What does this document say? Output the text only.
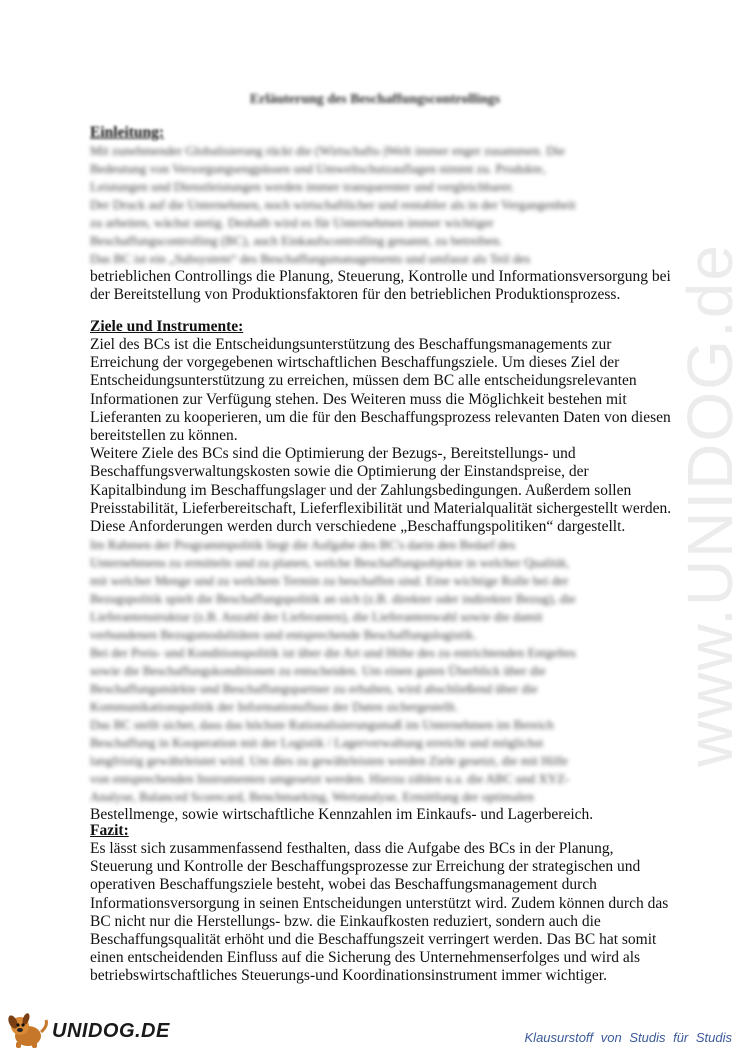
Erläuterung des Beschaffungscontrollings

Einleitung:

Mit zunehmender Globalisierung rückt die (Wirtschafts-)Welt immer enger zusammen. Die

Bedeutung von Versorgungsengpässen und Umweltschutzauflagen nimmt zu. Produkte,

Leistungen und Dienstleistungen werden immer transparenter und vergleichbarer.

Der Druck auf die Unternehmen, noch wirtschaftlicher und rentabler als in der Vergangenheit

zu arbeiten, wächst stetig. Deshalb wird es für Unternehmen immer wichtiger

Beschaffungscontrolling (BC), auch Einkaufscontrolling genannt, zu betreiben.

Das BC ist ein „Subsystem“ des Beschaffungsmanagements und umfasst als Teil des

betrieblichen Controllings die Planung, Steuerung, Kontrolle und Informationsversorgung bei

der Bereitstellung von Produktionsfaktoren für den betrieblichen Produktionsprozess.

Ziele und Instrumente:

Ziel des BCs ist die Entscheidungsunterstützung des Beschaffungsmanagements zur

Erreichung der vorgegebenen wirtschaftlichen Beschaffungsziele. Um dieses Ziel der

Entscheidungsunterstützung zu erreichen, müssen dem BC alle entscheidungsrelevanten

Informationen zur Verfügung stehen. Des Weiteren muss die Möglichkeit bestehen mit

Lieferanten zu kooperieren, um die für den Beschaffungsprozess relevanten Daten von diesen

bereitstellen zu können.

Weitere Ziele des BCs sind die Optimierung der Bezugs-, Bereitstellungs- und

Beschaffungsverwaltungskosten sowie die Optimierung der Einstandspreise, der

Kapitalbindung im Beschaffungslager und der Zahlungsbedingungen. Außerdem sollen

Preisstabilität, Lieferbereitschaft, Lieferflexibilität und Materialqualität sichergestellt werden.

Diese Anforderungen werden durch verschiedene „Beschaffungspolitiken“ dargestellt.

Im Rahmen der Programmpolitik liegt die Aufgabe des BC's darin den Bedarf des

Unternehmens zu ermitteln und zu planen, welche Beschaffungsobjekte in welcher Qualität,

mit welcher Menge und zu welchem Termin zu beschaffen sind. Eine wichtige Rolle bei der

Bezugspolitik spielt die Beschaffungspolitik an sich (z.B. direkter oder indirekter Bezug), die

Lieferantenstruktur (z.B. Anzahl der Lieferanten), die Lieferantenwahl sowie die damit

verbundenen Bezugsmodalitäten und entsprechende Beschaffungslogistik.

Bei der Preis- und Konditionspolitik ist über die Art und Höhe des zu entrichtenden Entgeltes

sowie die Beschaffungskonditionen zu entscheiden. Um einen guten Überblick über die

Beschaffungsmärkte und Beschaffungspartner zu erhalten, wird abschließend über die

Kommunikationspolitik der Informationsfluss der Daten sichergestellt.

Das BC stellt sicher, dass das höchste Rationalisierungsmaß im Unternehmen im Bereich

Beschaffung in Kooperation mit der Logistik / Lagerverwaltung erreicht und möglichst

langfristig gewährleistet wird. Um dies zu gewährleisten werden Ziele gesetzt, die mit Hilfe

von entsprechenden Instrumenten umgesetzt werden. Hierzu zählen u.a. die ABC und XYZ-

Analyse, Balanced Scorecard, Benchmarking, Wertanalyse, Ermittlung der optimalen

Bestellmenge, sowie wirtschaftliche Kennzahlen im Einkaufs- und Lagerbereich.

Fazit:

Es lässt sich zusammenfassend festhalten, dass die Aufgabe des BCs in der Planung,

Steuerung und Kontrolle der Beschaffungsprozesse zur Erreichung der strategischen und

operativen Beschaffungsziele besteht, wobei das Beschaffungsmanagement durch

Informationsversorgung in seinen Entscheidungen unterstützt wird. Zudem können durch das

BC nicht nur die Herstellungs- bzw. die Einkaufkosten reduziert, sondern auch die

Beschaffungsqualität erhöht und die Beschaffungszeit verringert werden. Das BC hat somit

einen entscheidenden Einfluss auf die Sicherung des Unternehmenserfolges und wird als

betriebswirtschaftliches Steuerungs-und Koordinationsinstrument immer wichtiger.

www.UNIDOG.de
UNIDOG.DE	Klausurstoff von Studis für Studis
